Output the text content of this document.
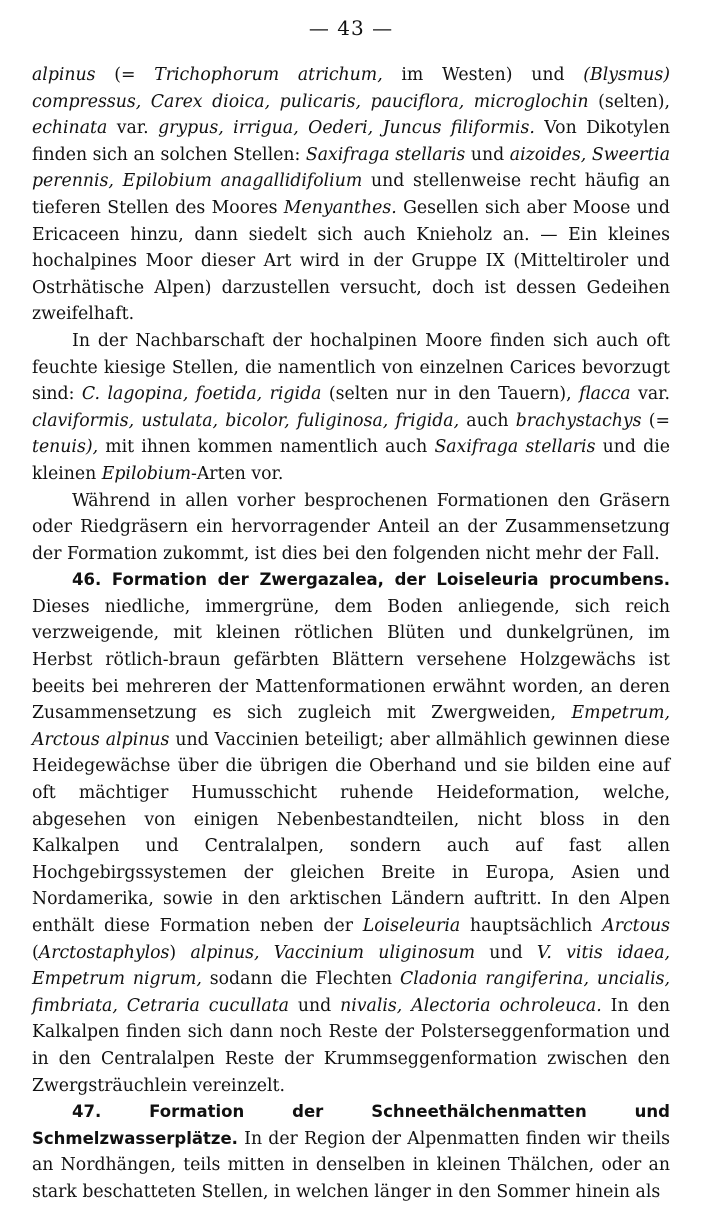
— 43 —

alpinus (= Trichophorum atrichum, im Westen) und (Blysmus) compressus, Carex dioica, pulicaris, pauciflora, microglochin (selten), echinata var. grypus, irrigua, Oederi, Juncus filiformis. Von Dikotylen finden sich an solchen Stellen: Saxifraga stellaris und aizoides, Sweertia perennis, Epilobium anagallidifolium und stellenweise recht häufig an tieferen Stellen des Moores Menyanthes. Gesellen sich aber Moose und Ericaceen hinzu, dann siedelt sich auch Knieholz an. — Ein kleines hochalpines Moor dieser Art wird in der Gruppe IX (Mitteltiroler und Ostrhätische Alpen) darzustellen versucht, doch ist dessen Gedeihen zweifelhaft.

In der Nachbarschaft der hochalpinen Moore finden sich auch oft feuchte kiesige Stellen, die namentlich von einzelnen Carices bevorzugt sind: C. lagopina, foetida, rigida (selten nur in den Tauern), flacca var. claviformis, ustulata, bicolor, fuliginosa, frigida, auch brachystachys (= tenuis), mit ihnen kommen namentlich auch Saxifraga stellaris und die kleinen Epilobium-Arten vor.

Während in allen vorher besprochenen Formationen den Gräsern oder Riedgräsern ein hervorragender Anteil an der Zusammensetzung der Formation zukommt, ist dies bei den folgenden nicht mehr der Fall.

46. Formation der Zwergazalea, der Loiseleuria procumbens. Dieses niedliche, immergrüne, dem Boden anliegende, sich reich verzweigende, mit kleinen rötlichen Blüten und dunkelgrünen, im Herbst rötlich-braun gefärbten Blättern versehene Holzgewächs ist beeits bei mehreren der Mattenformationen erwähnt worden, an deren Zusammensetzung es sich zugleich mit Zwergweiden, Empetrum, Arctous alpinus und Vaccinien beteiligt; aber allmählich gewinnen diese Heidegewächse über die übrigen die Oberhand und sie bilden eine auf oft mächtiger Humusschicht ruhende Heideformation, welche, abgesehen von einigen Nebenbestandteilen, nicht bloss in den Kalkalpen und Centralalpen, sondern auch auf fast allen Hochgebirgssystemen der gleichen Breite in Europa, Asien und Nordamerika, sowie in den arktischen Ländern auftritt. In den Alpen enthält diese Formation neben der Loiseleuria hauptsächlich Arctous (Arctostaphylos) alpinus, Vaccinium uliginosum und V. vitis idaea, Empetrum nigrum, sodann die Flechten Cladonia rangiferina, uncialis, fimbriata, Cetraria cucullata und nivalis, Alectoria ochroleuca. In den Kalkalpen finden sich dann noch Reste der Polsterseggenformation und in den Centralalpen Reste der Krummseggenformation zwischen den Zwergsträuchlein vereinzelt.

47. Formation der Schneethälchenmatten und Schmelzwasserplätze. In der Region der Alpenmatten finden wir theils an Nordhängen, teils mitten in denselben in kleinen Thälchen, oder an stark beschatteten Stellen, in welchen länger in den Sommer hinein als
